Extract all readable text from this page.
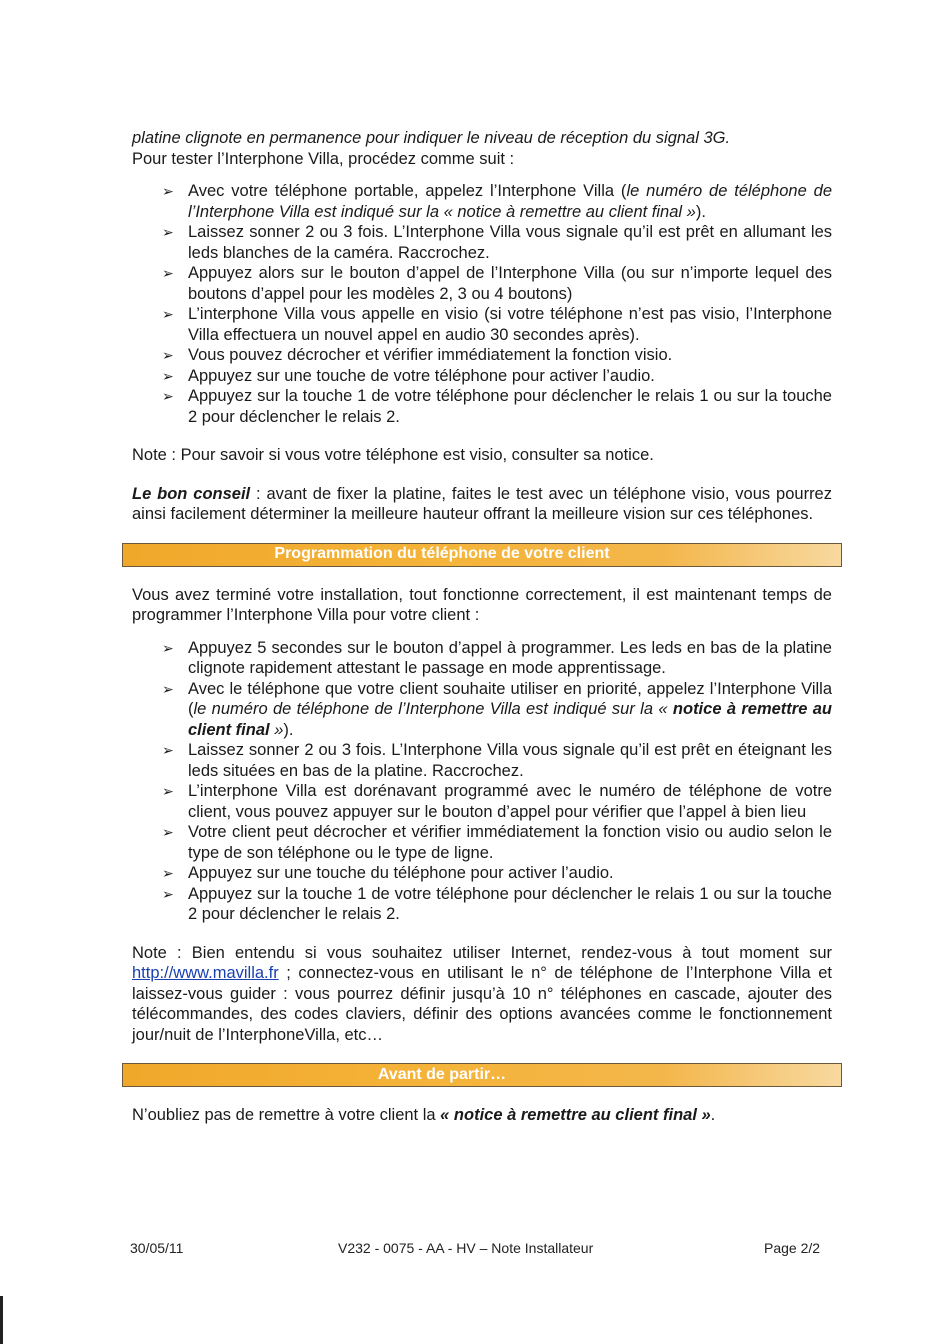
platine clignote en permanence pour indiquer le niveau de réception du signal 3G.
Pour tester l’Interphone Villa, procédez comme suit :

➢ Avec votre téléphone portable, appelez l’Interphone Villa (le numéro de téléphone de l’Interphone Villa est indiqué sur la « notice à remettre au client final »).
➢ Laissez sonner 2 ou 3 fois. L’Interphone Villa vous signale qu’il est prêt en allumant les leds blanches de la caméra. Raccrochez.
➢ Appuyez alors sur le bouton d’appel de l’Interphone Villa (ou sur n’importe lequel des boutons d’appel pour les modèles 2, 3 ou 4 boutons)
➢ L’interphone Villa vous appelle en visio (si votre téléphone n’est pas visio, l’Interphone Villa effectuera un nouvel appel en audio 30 secondes après).
➢ Vous pouvez décrocher et vérifier immédiatement la fonction visio.
➢ Appuyez sur une touche de votre téléphone pour activer l’audio.
➢ Appuyez sur la touche 1 de votre téléphone pour déclencher le relais 1 ou sur la touche 2 pour déclencher le relais 2.

Note : Pour savoir si vous votre téléphone est visio, consulter sa notice.

Le bon conseil : avant de fixer la platine, faites le test avec un téléphone visio, vous pourrez ainsi facilement déterminer la meilleure hauteur offrant la meilleure vision sur ces téléphones.

Programmation du téléphone de votre client

Vous avez terminé votre installation, tout fonctionne correctement, il est maintenant temps de programmer l’Interphone Villa pour votre client :

➢ Appuyez 5 secondes sur le bouton d’appel à programmer. Les leds en bas de la platine clignote rapidement attestant le passage en mode apprentissage.
➢ Avec le téléphone que votre client souhaite utiliser en priorité, appelez l’Interphone Villa (le numéro de téléphone de l’Interphone Villa est indiqué sur la « notice à remettre au client final »).
➢ Laissez sonner 2 ou 3 fois. L’Interphone Villa vous signale qu’il est prêt en éteignant les leds situées en bas de la platine. Raccrochez.
➢ L’interphone Villa est dorénavant programmé avec le numéro de téléphone de votre client, vous pouvez appuyer sur le bouton d’appel pour vérifier que l’appel à bien lieu
➢ Votre client peut décrocher et vérifier immédiatement la fonction visio ou audio selon le type de son téléphone ou le type de ligne.
➢ Appuyez sur une touche du téléphone pour activer l’audio.
➢ Appuyez sur la touche 1 de votre téléphone pour déclencher le relais 1 ou sur la touche 2 pour déclencher le relais 2.

Note : Bien entendu si vous souhaitez utiliser Internet, rendez-vous à tout moment sur http://www.mavilla.fr ; connectez-vous en utilisant le n° de téléphone de l’Interphone Villa et laissez-vous guider : vous pourrez définir jusqu’à 10 n° téléphones en cascade, ajouter des télécommandes, des codes claviers, définir des options avancées comme le fonctionnement jour/nuit de l’InterphoneVilla, etc…

Avant de partir…

N’oubliez pas de remettre à votre client la « notice à remettre au client final ».

30/05/11	V232 - 0075 - AA - HV – Note Installateur	Page 2/2
